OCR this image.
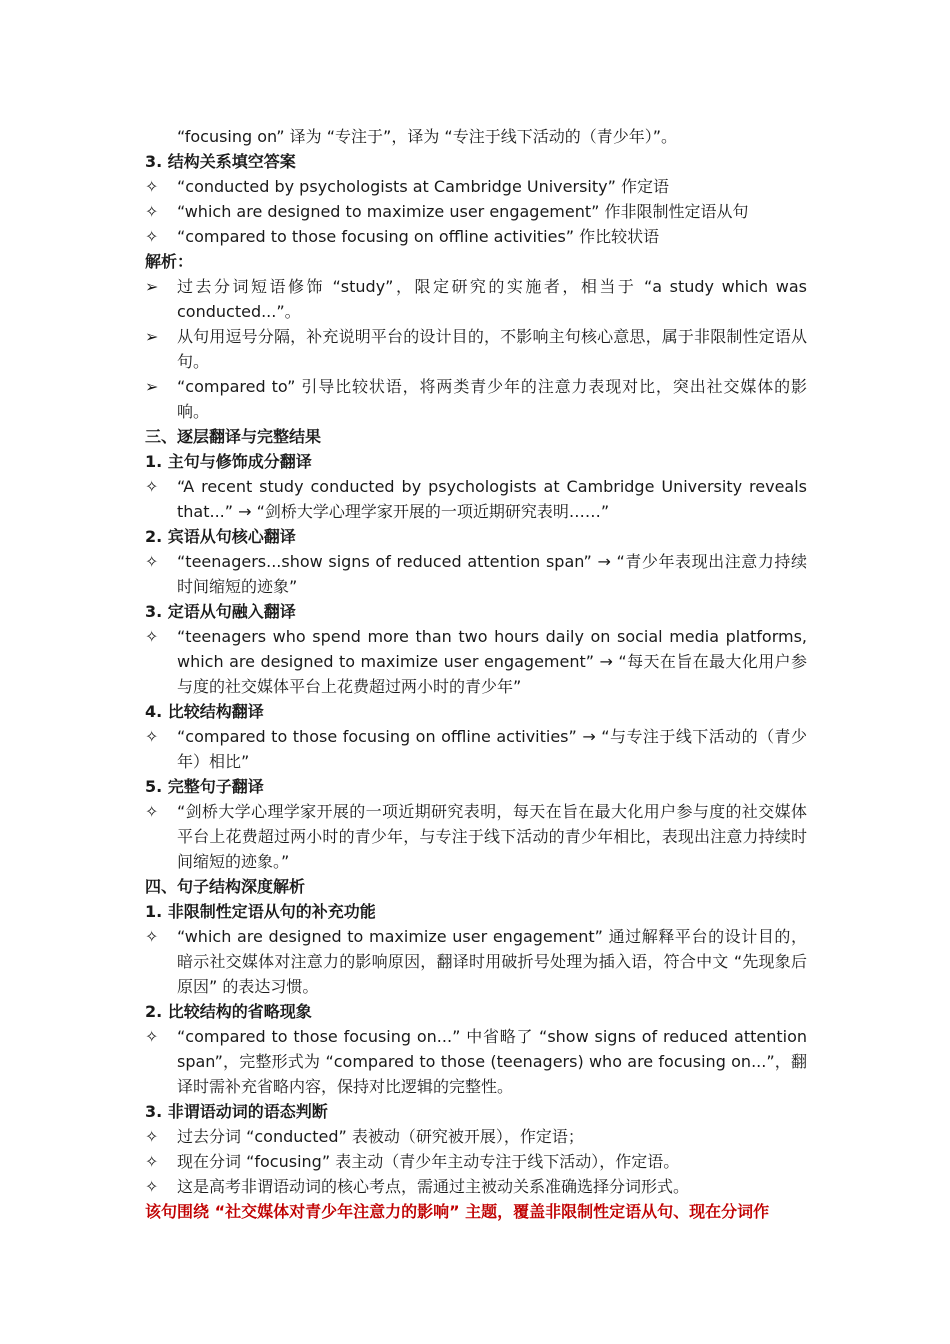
“focusing on” 译为 “专注于”，译为 “专注于线下活动的（青少年）”。
3. 结构关系填空答案
✧	“conducted by psychologists at Cambridge University” 作定语
✧	“which are designed to maximize user engagement” 作非限制性定语从句
✧	“compared to those focusing on offline activities” 作比较状语
解析：
➢	过去分词短语修饰 “study”，限定研究的实施者，相当于 “a study which was conducted...”。
➢	从句用逗号分隔，补充说明平台的设计目的，不影响主句核心意思，属于非限制性定语从句。
➢	“compared to” 引导比较状语，将两类青少年的注意力表现对比，突出社交媒体的影响。
三、逐层翻译与完整结果
1. 主句与修饰成分翻译
✧	“A recent study conducted by psychologists at Cambridge University reveals that...” → “剑桥大学心理学家开展的一项近期研究表明……”
2. 宾语从句核心翻译
✧	“teenagers...show signs of reduced attention span” → “青少年表现出注意力持续时间缩短的迹象”
3. 定语从句融入翻译
✧	“teenagers who spend more than two hours daily on social media platforms, which are designed to maximize user engagement” → “每天在旨在最大化用户参与度的社交媒体平台上花费超过两小时的青少年”
4. 比较结构翻译
✧	“compared to those focusing on offline activities” → “与专注于线下活动的（青少年）相比”
5. 完整句子翻译
✧	“剑桥大学心理学家开展的一项近期研究表明，每天在旨在最大化用户参与度的社交媒体平台上花费超过两小时的青少年，与专注于线下活动的青少年相比，表现出注意力持续时间缩短的迹象。”
四、句子结构深度解析
1. 非限制性定语从句的补充功能
✧	“which are designed to maximize user engagement” 通过解释平台的设计目的，暗示社交媒体对注意力的影响原因，翻译时用破折号处理为插入语，符合中文 “先现象后原因” 的表达习惯。
2. 比较结构的省略现象
✧	“compared to those focusing on...” 中省略了 “show signs of reduced attention span”，完整形式为 “compared to those (teenagers) who are focusing on...”，翻译时需补充省略内容，保持对比逻辑的完整性。
3. 非谓语动词的语态判断
✧	过去分词 “conducted” 表被动（研究被开展），作定语；
✧	现在分词 “focusing” 表主动（青少年主动专注于线下活动），作定语。
✧	这是高考非谓语动词的核心考点，需通过主被动关系准确选择分词形式。
该句围绕 “社交媒体对青少年注意力的影响” 主题，覆盖非限制性定语从句、现在分词作
